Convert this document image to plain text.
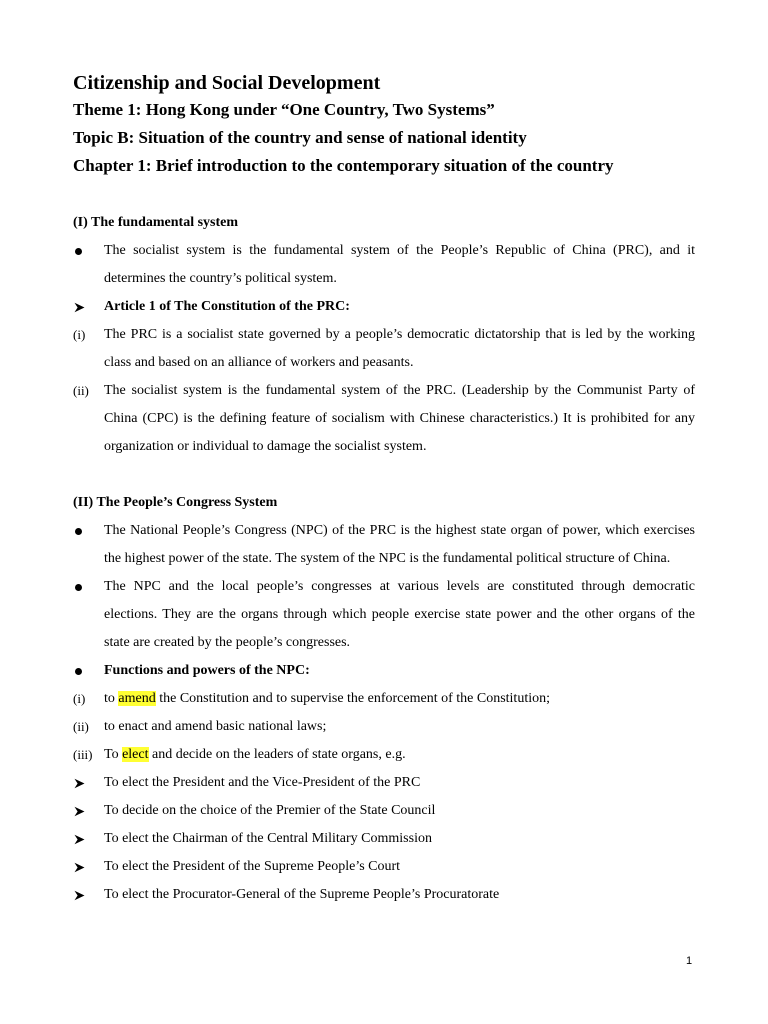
Citizenship and Social Development
Theme 1: Hong Kong under “One Country, Two Systems”
Topic B: Situation of the country and sense of national identity
Chapter 1: Brief introduction to the contemporary situation of the country
(I) The fundamental system
The socialist system is the fundamental system of the People’s Republic of China (PRC), and it determines the country’s political system.
Article 1 of The Constitution of the PRC:
(i)	The PRC is a socialist state governed by a people’s democratic dictatorship that is led by the working class and based on an alliance of workers and peasants.
(ii)	The socialist system is the fundamental system of the PRC. (Leadership by the Communist Party of China (CPC) is the defining feature of socialism with Chinese characteristics.) It is prohibited for any organization or individual to damage the socialist system.
(II) The People’s Congress System
The National People’s Congress (NPC) of the PRC is the highest state organ of power, which exercises the highest power of the state. The system of the NPC is the fundamental political structure of China.
The NPC and the local people’s congresses at various levels are constituted through democratic elections. They are the organs through which people exercise state power and the other organs of the state are created by the people’s congresses.
Functions and powers of the NPC:
(i)	to amend the Constitution and to supervise the enforcement of the Constitution;
(ii)	to enact and amend basic national laws;
(iii) To elect and decide on the leaders of state organs, e.g.
To elect the President and the Vice-President of the PRC
To decide on the choice of the Premier of the State Council
To elect the Chairman of the Central Military Commission
To elect the President of the Supreme People’s Court
To elect the Procurator-General of the Supreme People’s Procuratorate
1
